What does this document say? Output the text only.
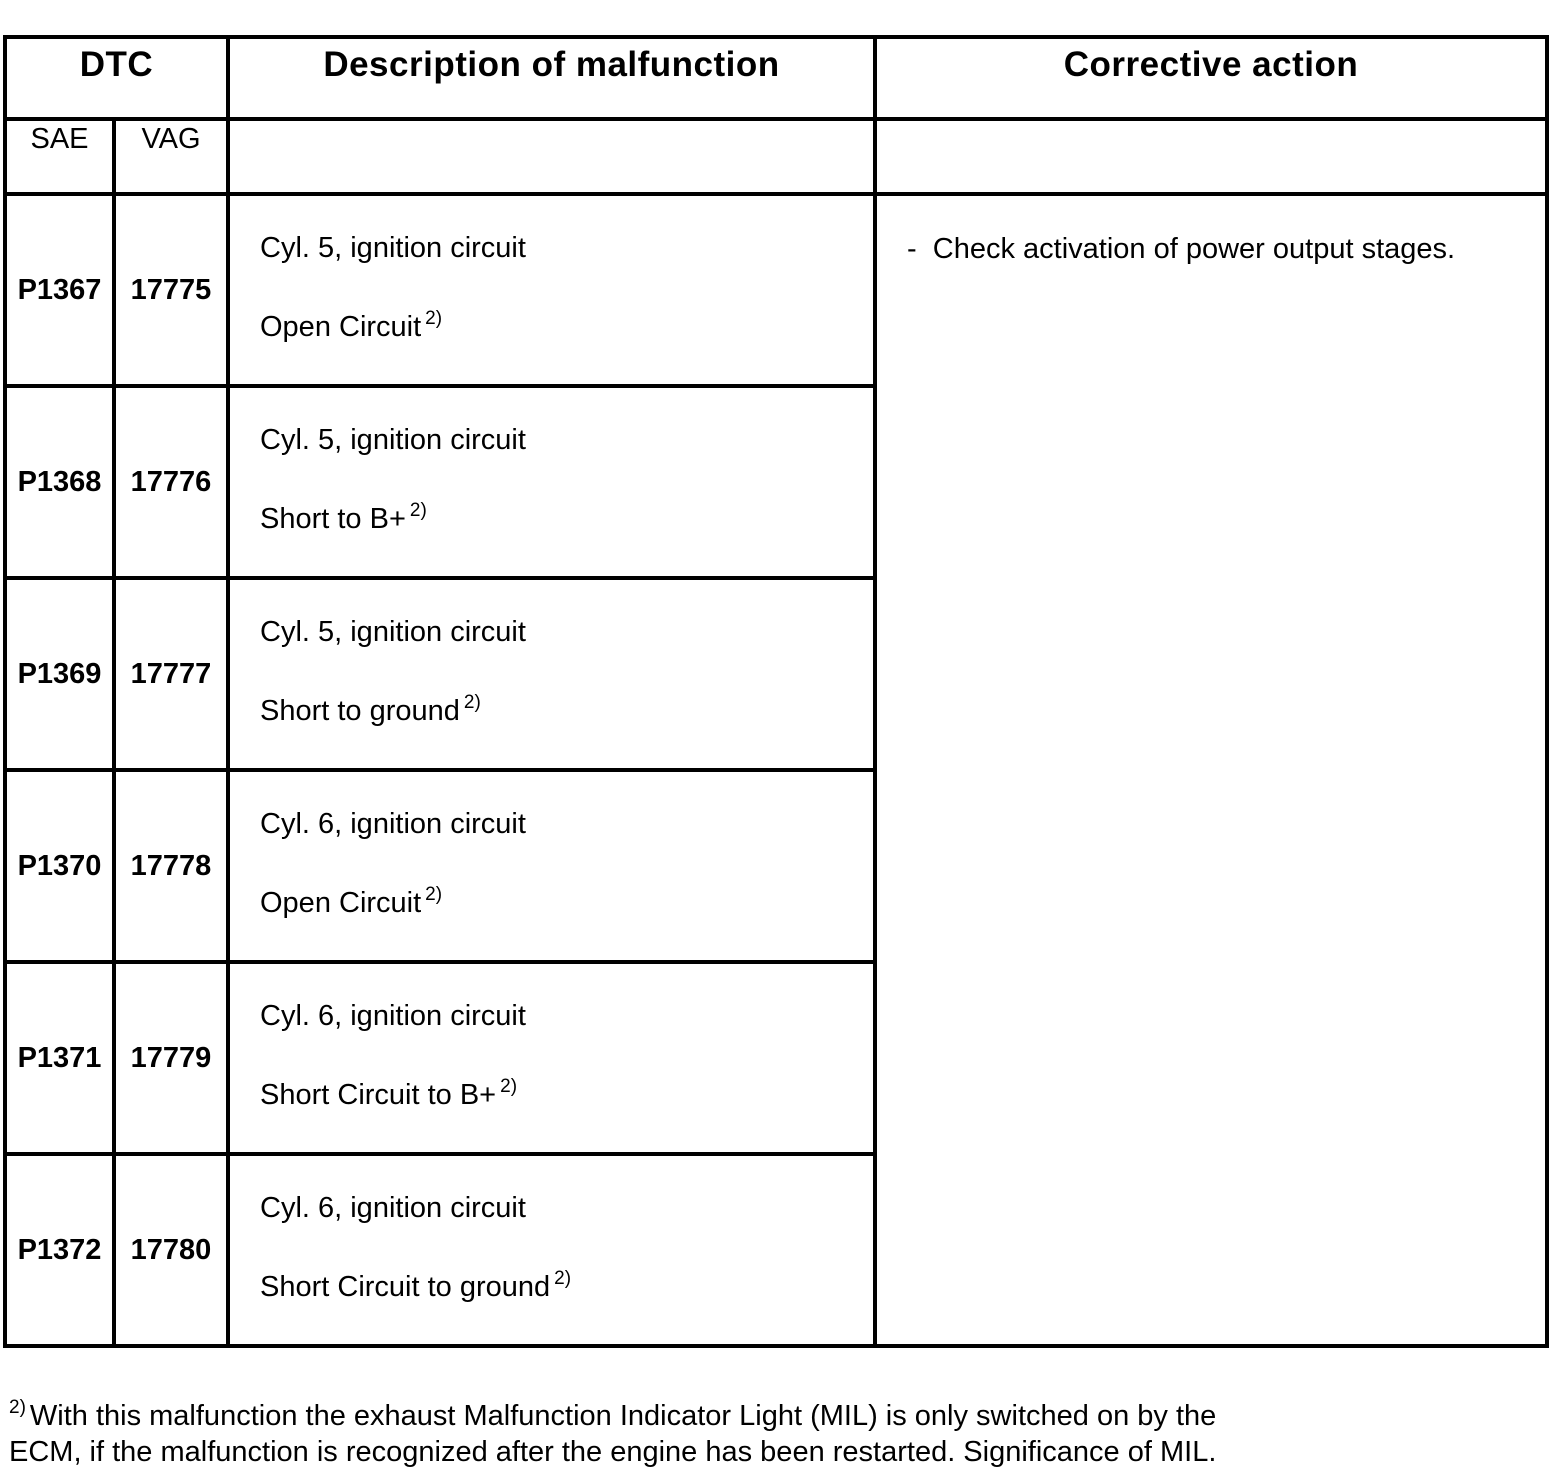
DTC		Description of malfunction	Corrective action

SAE	VAG		

P1367	17775	Cyl. 5, ignition circuit
Open Circuit $^{2)}$	-  Check activation of power output stages.

P1368	17776	Cyl. 5, ignition circuit
Short to B+ $^{2)}$

P1369	17777	Cyl. 5, ignition circuit
Short to ground $^{2)}$

P1370	17778	Cyl. 6, ignition circuit
Open Circuit $^{2)}$

P1371	17779	Cyl. 6, ignition circuit
Short Circuit to B+ $^{2)}$

P1372	17780	Cyl. 6, ignition circuit
Short Circuit to ground $^{2)}$
$^{2)}$ With this malfunction the exhaust Malfunction Indicator Light (MIL) is only switched on by the
ECM, if the malfunction is recognized after the engine has been restarted. Significance of MIL.
